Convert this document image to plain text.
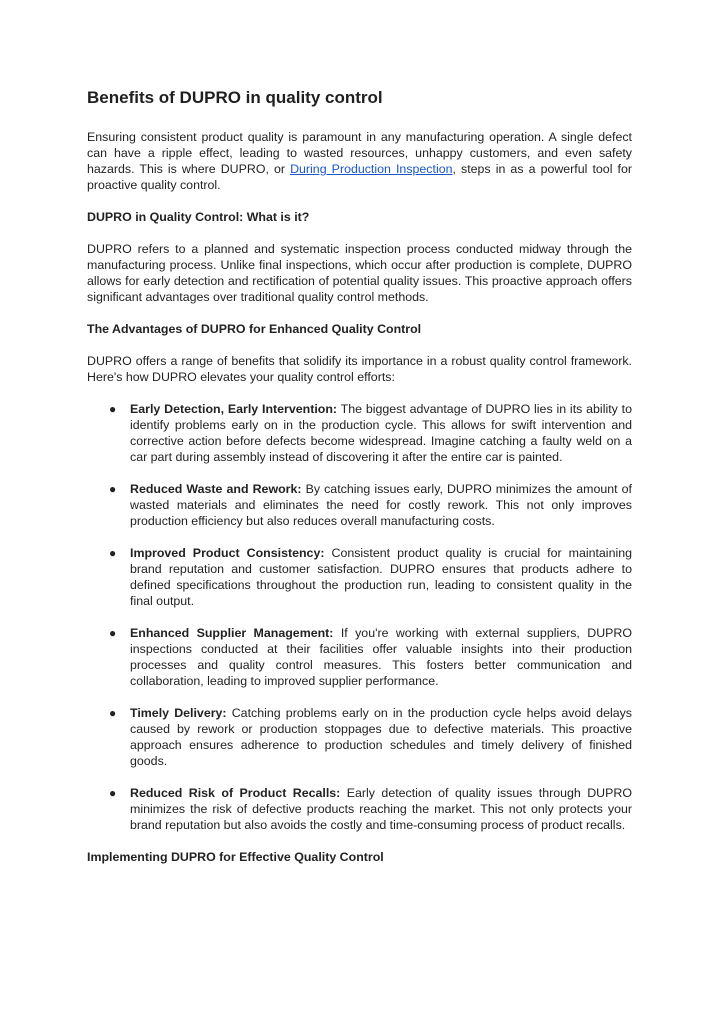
Benefits of DUPRO in quality control

Ensuring consistent product quality is paramount in any manufacturing operation. A single defect can have a ripple effect, leading to wasted resources, unhappy customers, and even safety hazards. This is where DUPRO, or During Production Inspection, steps in as a powerful tool for proactive quality control.

DUPRO in Quality Control: What is it?

DUPRO refers to a planned and systematic inspection process conducted midway through the manufacturing process. Unlike final inspections, which occur after production is complete, DUPRO allows for early detection and rectification of potential quality issues. This proactive approach offers significant advantages over traditional quality control methods.

The Advantages of DUPRO for Enhanced Quality Control

DUPRO offers a range of benefits that solidify its importance in a robust quality control framework. Here's how DUPRO elevates your quality control efforts:

● Early Detection, Early Intervention: The biggest advantage of DUPRO lies in its ability to identify problems early on in the production cycle. This allows for swift intervention and corrective action before defects become widespread. Imagine catching a faulty weld on a car part during assembly instead of discovering it after the entire car is painted.
● Reduced Waste and Rework: By catching issues early, DUPRO minimizes the amount of wasted materials and eliminates the need for costly rework. This not only improves production efficiency but also reduces overall manufacturing costs.
● Improved Product Consistency: Consistent product quality is crucial for maintaining brand reputation and customer satisfaction. DUPRO ensures that products adhere to defined specifications throughout the production run, leading to consistent quality in the final output.
● Enhanced Supplier Management: If you're working with external suppliers, DUPRO inspections conducted at their facilities offer valuable insights into their production processes and quality control measures. This fosters better communication and collaboration, leading to improved supplier performance.
● Timely Delivery: Catching problems early on in the production cycle helps avoid delays caused by rework or production stoppages due to defective materials. This proactive approach ensures adherence to production schedules and timely delivery of finished goods.
● Reduced Risk of Product Recalls: Early detection of quality issues through DUPRO minimizes the risk of defective products reaching the market. This not only protects your brand reputation but also avoids the costly and time-consuming process of product recalls.

Implementing DUPRO for Effective Quality Control
